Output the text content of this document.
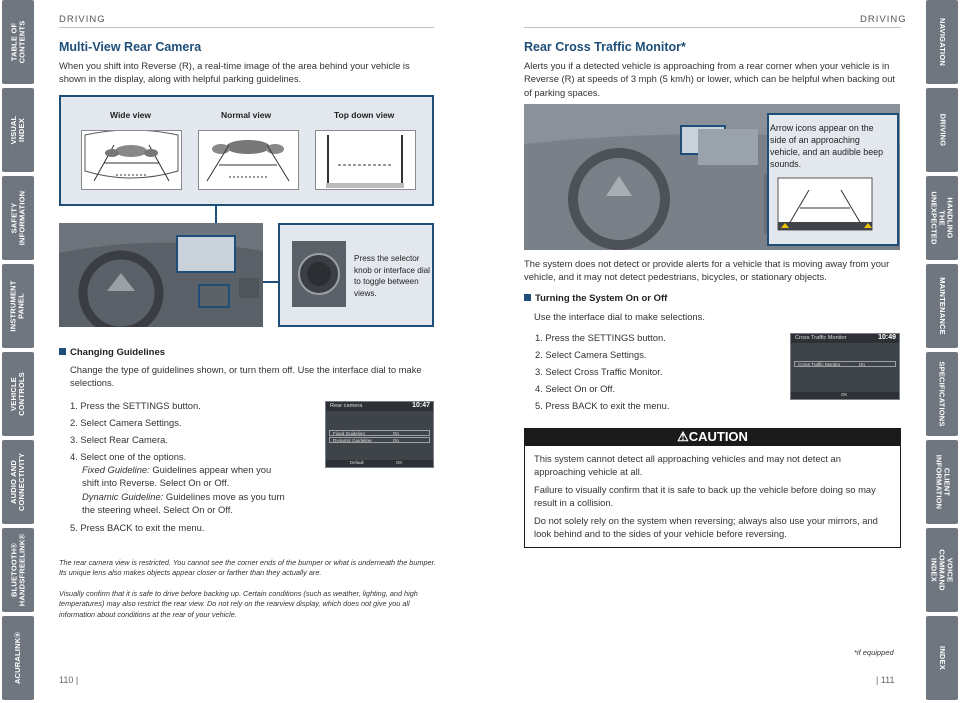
TABLE OF
CONTENTS
VISUAL INDEX
SAFETY
INFORMATION
INSTRUMENT
PANEL
VEHICLE
CONTROLS
AUDIO AND
CONNECTIVITY
BLUETOOTH®
HANDSFREELINK®
ACURALINK®
NAVIGATION
DRIVING
HANDLING THE
UNEXPECTED
MAINTENANCE
SPECIFICATIONS
CLIENT
INFORMATION
VOICE COMMAND
INDEX
INDEX
DRIVING	DRIVING
Multi-View Rear Camera
When you shift into Reverse (R), a real-time image of the area behind your vehicle is shown in the display, along with helpful parking guidelines.
Wide view	Normal view	Top down view
Press the selector knob or interface dial to toggle between views.
Changing Guidelines
Change the type of guidelines shown, or turn them off. Use the interface dial to make selections.
1. Press the SETTINGS button.
2. Select Camera Settings.
3. Select Rear Camera.
4. Select one of the options.
Fixed Guideline: Guidelines appear when you
shift into Reverse. Select On or Off.
Dynamic Guideline: Guidelines move as you turn
the steering wheel. Select On or Off.
5. Press BACK to exit the menu.
Rear camera	10:47
Fixed Guideline	On
Dynamic Guideline	On
Default	OK
The rear camera view is restricted. You cannot see the corner ends of the bumper or what is underneath the bumper. Its unique lens also makes objects appear closer or farther than they actually are.
Visually confirm that it is safe to drive before backing up. Certain conditions (such as weather, lighting, and high temperatures) may also restrict the rear view. Do not rely on the rearview display, which does not give you all information about conditions at the rear of your vehicle.
110 |
Rear Cross Traffic Monitor*
Alerts you if a detected vehicle is approaching from a rear corner when your vehicle is in Reverse (R) at speeds of 3 mph (5 km/h) or lower, which can be helpful when backing out of parking spaces.
Arrow icons appear on the side of an approaching vehicle, and an audible beep sounds.
The system does not detect or provide alerts for a vehicle that is moving away from your vehicle, and it may not detect pedestrians, bicycles, or stationary objects.
Turning the System On or Off
Use the interface dial to make selections.
1. Press the SETTINGS button.
2. Select Camera Settings.
3. Select Cross Traffic Monitor.
4. Select On or Off.
5. Press BACK to exit the menu.
Cross Traffic Monitor	10:49
Cross Traffic Monitor	On
OK
⚠CAUTION
This system cannot detect all approaching vehicles and may not detect an approaching vehicle at all.
Failure to visually confirm that it is safe to back up the vehicle before doing so may result in a collision.
Do not solely rely on the system when reversing; always also use your mirrors, and look behind and to the sides of your vehicle before reversing.
*if equipped
| 111
